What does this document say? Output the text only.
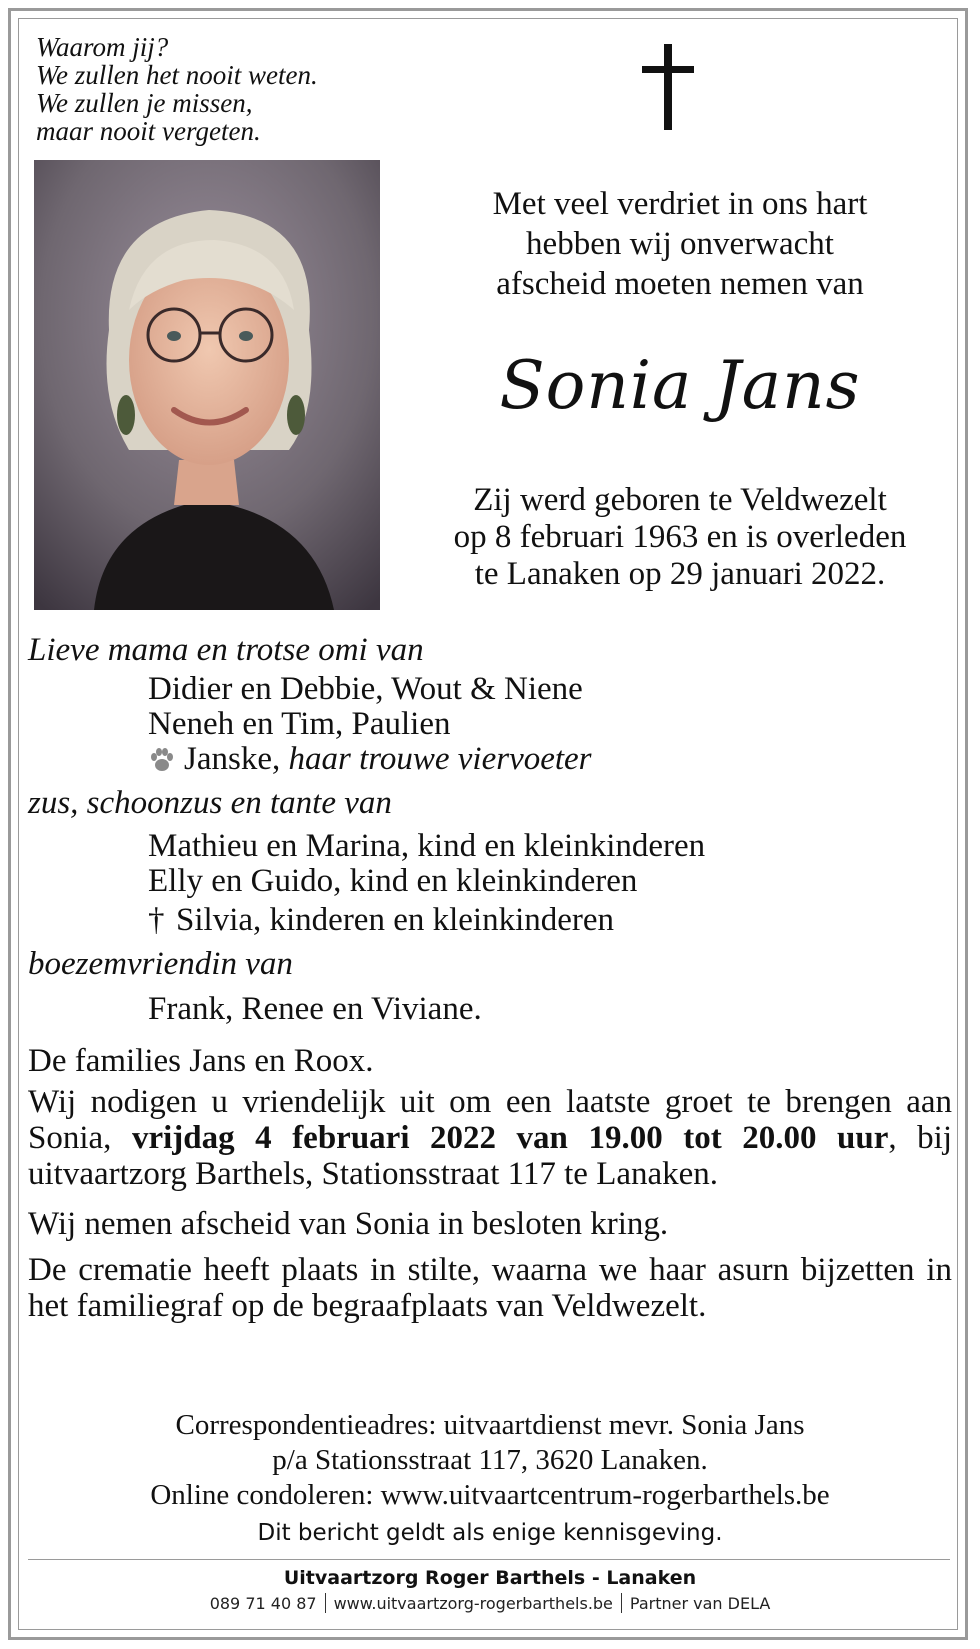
Waarom jij?
We zullen het nooit weten.
We zullen je missen,
maar nooit vergeten.
Met veel verdriet in ons hart
hebben wij onverwacht
afscheid moeten nemen van
Sonia Jans
Zij werd geboren te Veldwezelt
op 8 februari 1963 en is overleden
te Lanaken op 29 januari 2022.
Lieve mama en trotse omi van
Didier en Debbie, Wout & Niene
Neneh en Tim, Paulien
Janske,
haar trouwe viervoeter
zus, schoonzus en tante van
Mathieu en Marina, kind en kleinkinderen
Elly en Guido, kind en kleinkinderen
† Silvia, kinderen en kleinkinderen
boezemvriendin van
Frank, Renee en Viviane.
De families Jans en Roox.
Wij nodigen u vriendelijk uit om een laatste groet te brengen aan Sonia, vrijdag 4 februari 2022 van 19.00 tot 20.00 uur, bij uitvaartzorg Barthels, Stationsstraat 117 te Lanaken.
Wij nemen afscheid van Sonia in besloten kring.
De crematie heeft plaats in stilte, waarna we haar asurn bijzetten in het familiegraf op de begraafplaats van Veldwezelt.
Correspondentieadres: uitvaartdienst mevr. Sonia Jans
p/a Stationsstraat 117, 3620 Lanaken.
Online condoleren: www.uitvaartcentrum-rogerbarthels.be
Dit bericht geldt als enige kennisgeving.
Uitvaartzorg Roger Barthels - Lanaken
089 71 40 87 www.uitvaartzorg-rogerbarthels.be Partner van DELA
